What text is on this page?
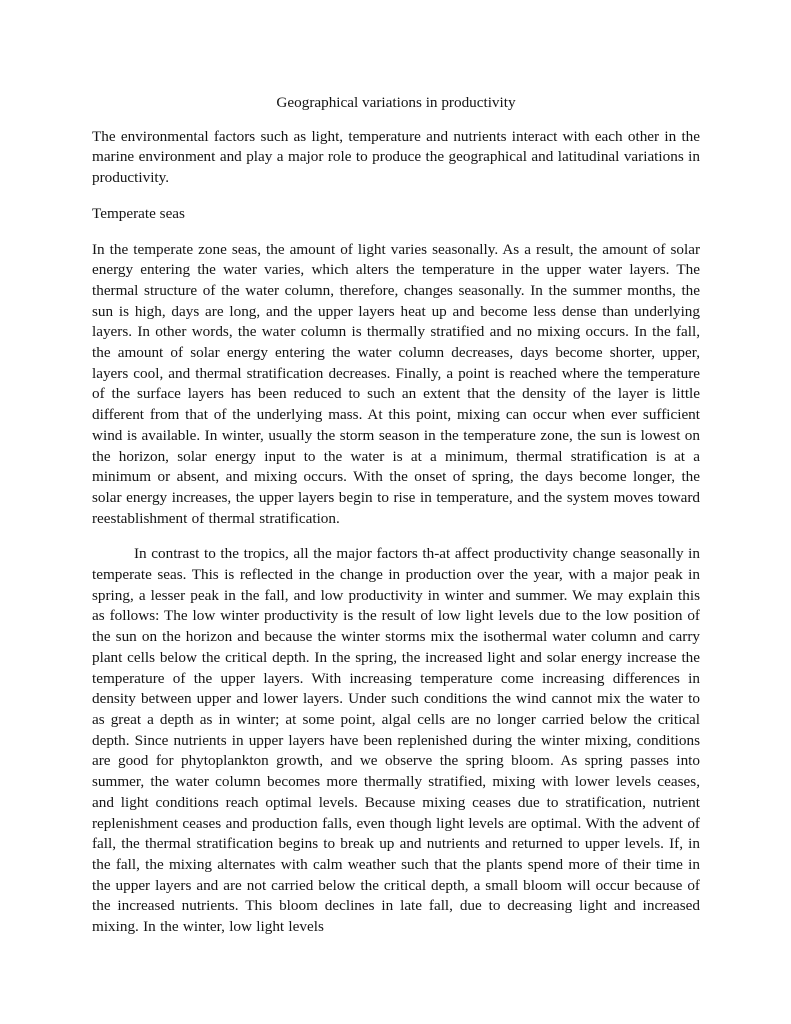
Geographical variations in productivity

The environmental factors such as light, temperature and nutrients interact with each other in the marine environment and play a major role to produce the geographical and latitudinal variations in productivity.

Temperate seas

In the temperate zone seas, the amount of light varies seasonally. As a result, the amount of solar energy entering the water varies, which alters the temperature in the upper water layers. The thermal structure of the water column, therefore, changes seasonally. In the summer months, the sun is high, days are long, and the upper layers heat up and become less dense than underlying layers. In other words, the water column is thermally stratified and no mixing occurs. In the fall, the amount of solar energy entering the water column decreases, days become shorter, upper, layers cool, and thermal stratification decreases. Finally, a point is reached where the temperature of the surface layers has been reduced to such an extent that the density of the layer is little different from that of the underlying mass. At this point, mixing can occur when ever sufficient wind is available. In winter, usually the storm season in the temperature zone, the sun is lowest on the horizon, solar energy input to the water is at a minimum, thermal stratification is at a minimum or absent, and mixing occurs. With the onset of spring, the days become longer, the solar energy increases, the upper layers begin to rise in temperature, and the system moves toward reestablishment of thermal stratification.

In contrast to the tropics, all the major factors th-at affect productivity change seasonally in temperate seas. This is reflected in the change in production over the year, with a major peak in spring, a lesser peak in the fall, and low productivity in winter and summer. We may explain this as follows: The low winter productivity is the result of low light levels due to the low position of the sun on the horizon and because the winter storms mix the isothermal water column and carry plant cells below the critical depth. In the spring, the increased light and solar energy increase the temperature of the upper layers. With increasing temperature come increasing differences in density between upper and lower layers. Under such conditions the wind cannot mix the water to as great a depth as in winter; at some point, algal cells are no longer carried below the critical depth. Since nutrients in upper layers have been replenished during the winter mixing, conditions are good for phytoplankton growth, and we observe the spring bloom. As spring passes into summer, the water column becomes more thermally stratified, mixing with lower levels ceases, and light conditions reach optimal levels. Because mixing ceases due to stratification, nutrient replenishment ceases and production falls, even though light levels are optimal. With the advent of fall, the thermal stratification begins to break up and nutrients and returned to upper levels. If, in the fall, the mixing alternates with calm weather such that the plants spend more of their time in the upper layers and are not carried below the critical depth, a small bloom will occur because of the increased nutrients. This bloom declines in late fall, due to decreasing light and increased mixing. In the winter, low light levels
